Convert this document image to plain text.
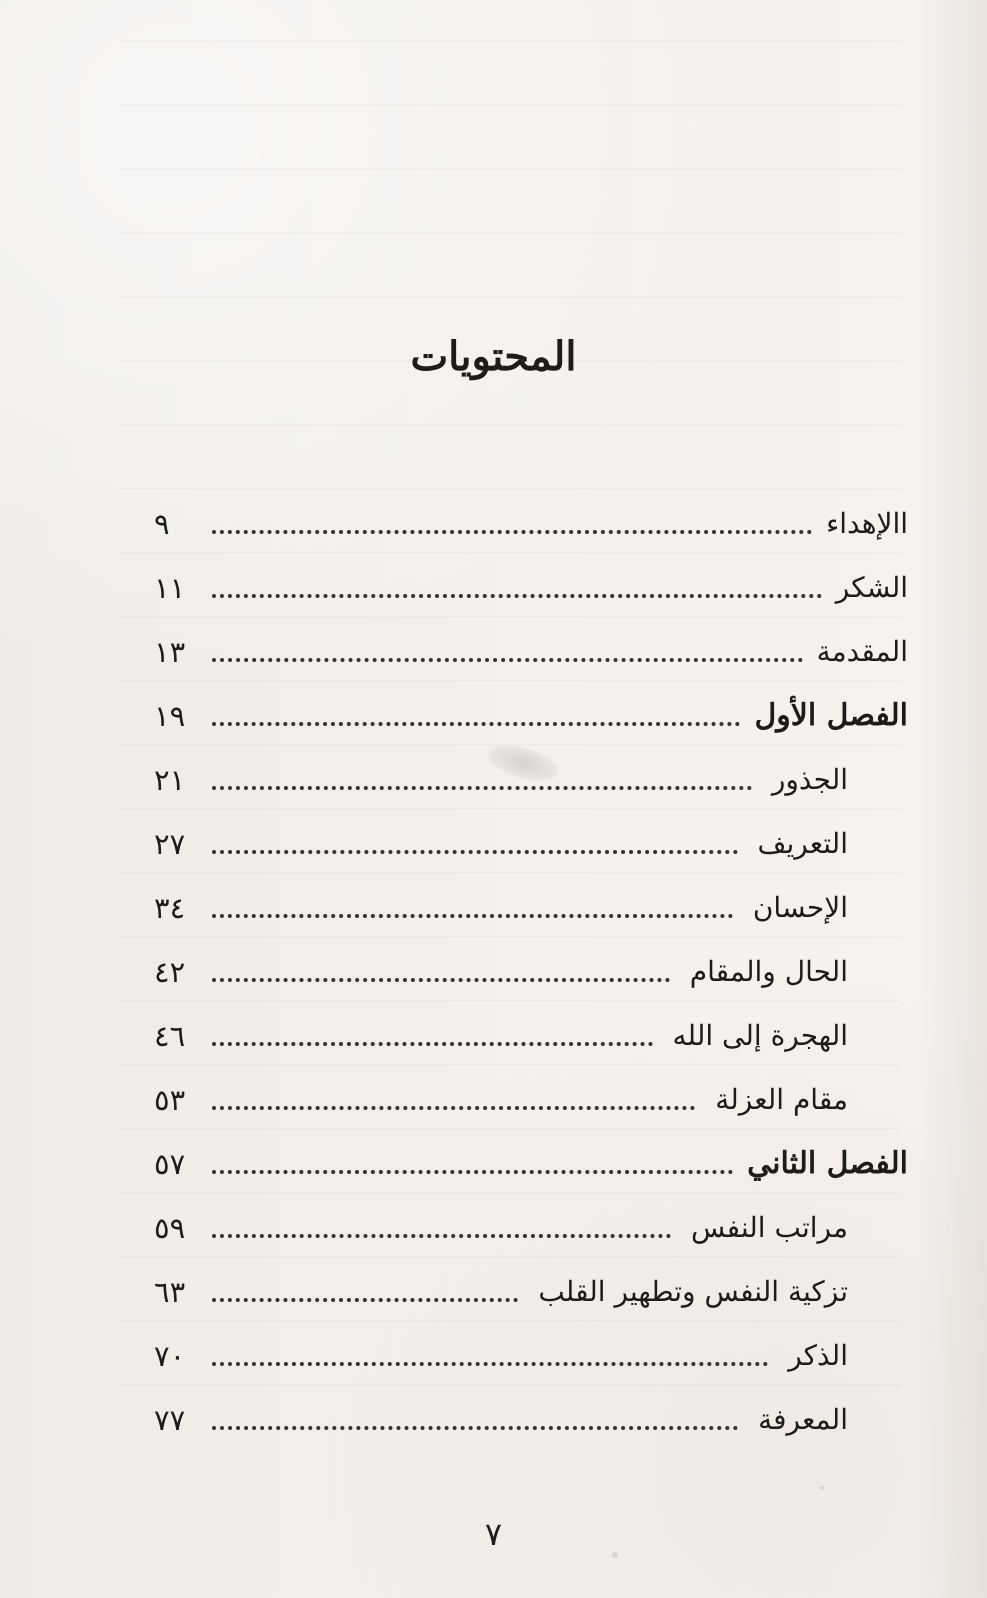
المحتويات
االإهداء
٩
الشكر
١١
المقدمة
١٣
الفصل الأول
١٩
الجذور
٢١
التعريف
٢٧
الإحسان
٣٤
الحال والمقام
٤٢
الهجرة إلى الله
٤٦
مقام العزلة
٥٣
الفصل الثاني
٥٧
مراتب النفس
٥٩
تزكية النفس وتطهير القلب
٦٣
الذكر
٧٠
المعرفة
٧٧
٧
